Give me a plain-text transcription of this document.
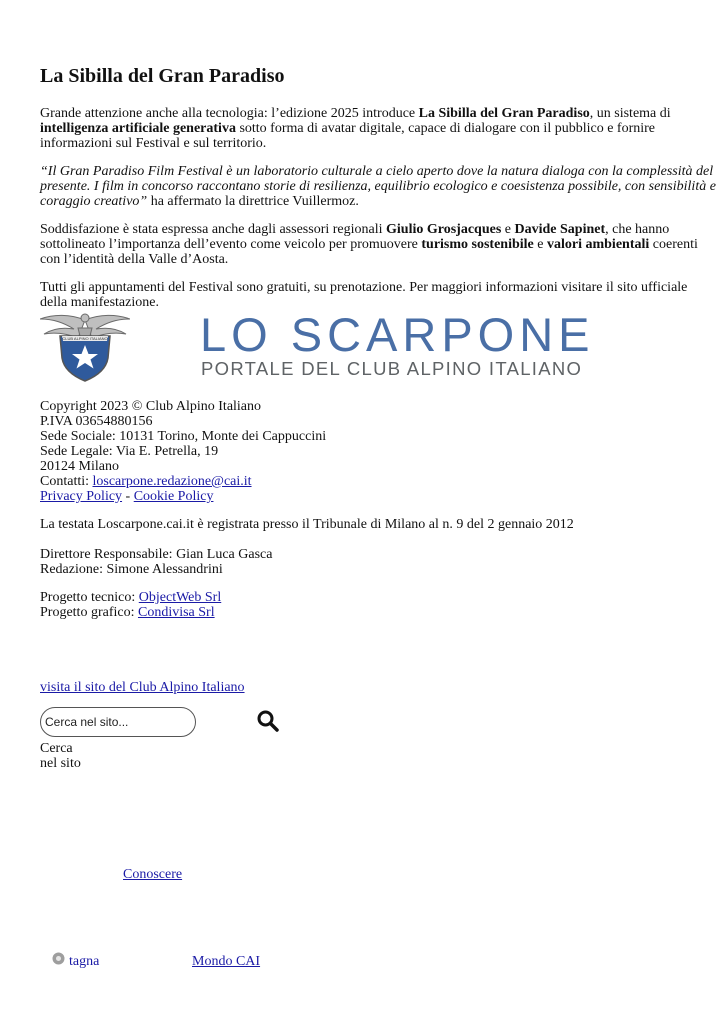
La Sibilla del Gran Paradiso

Grande attenzione anche alla tecnologia: l’edizione 2025 introduce La Sibilla del Gran Paradiso, un sistema di
intelligenza artificiale generativa sotto forma di avatar digitale, capace di dialogare con il pubblico e fornire
informazioni sul Festival e sul territorio.

“Il Gran Paradiso Film Festival è un laboratorio culturale a cielo aperto dove la natura dialoga con la complessità del
presente. I film in concorso raccontano storie di resilienza, equilibrio ecologico e coesistenza possibile, con sensibilità e
coraggio creativo” ha affermato la direttrice Vuillermoz.

Soddisfazione è stata espressa anche dagli assessori regionali Giulio Grosjacques e Davide Sapinet, che hanno
sottolineato l’importanza dell’evento come veicolo per promuovere turismo sostenibile e valori ambientali coerenti
con l’identità della Valle d’Aosta.

Tutti gli appuntamenti del Festival sono gratuiti, su prenotazione. Per maggiori informazioni visitare il sito ufficiale
della manifestazione.

CLUB ALPINO ITALIANO LO SCARPONE
PORTALE DEL CLUB ALPINO ITALIANO
Copyright 2023 © Club Alpino Italiano
P.IVA 03654880156
Sede Sociale: 10131 Torino, Monte dei Cappuccini
Sede Legale: Via E. Petrella, 19
20124 Milano
Contatti: loscarpone.redazione@cai.it
Privacy Policy - Cookie Policy
La testata Loscarpone.cai.it è registrata presso il Tribunale di Milano al n. 9 del 2 gennaio 2012
Direttore Responsabile: Gian Luca Gasca
Redazione: Simone Alessandrini
Progetto tecnico: ObjectWeb Srl
Progetto grafico: Condivisa Srl
visita il sito del Club Alpino Italiano
Cerca nel sito...
Cerca
nel sito
Conoscere

tagna	Mondo CAI
